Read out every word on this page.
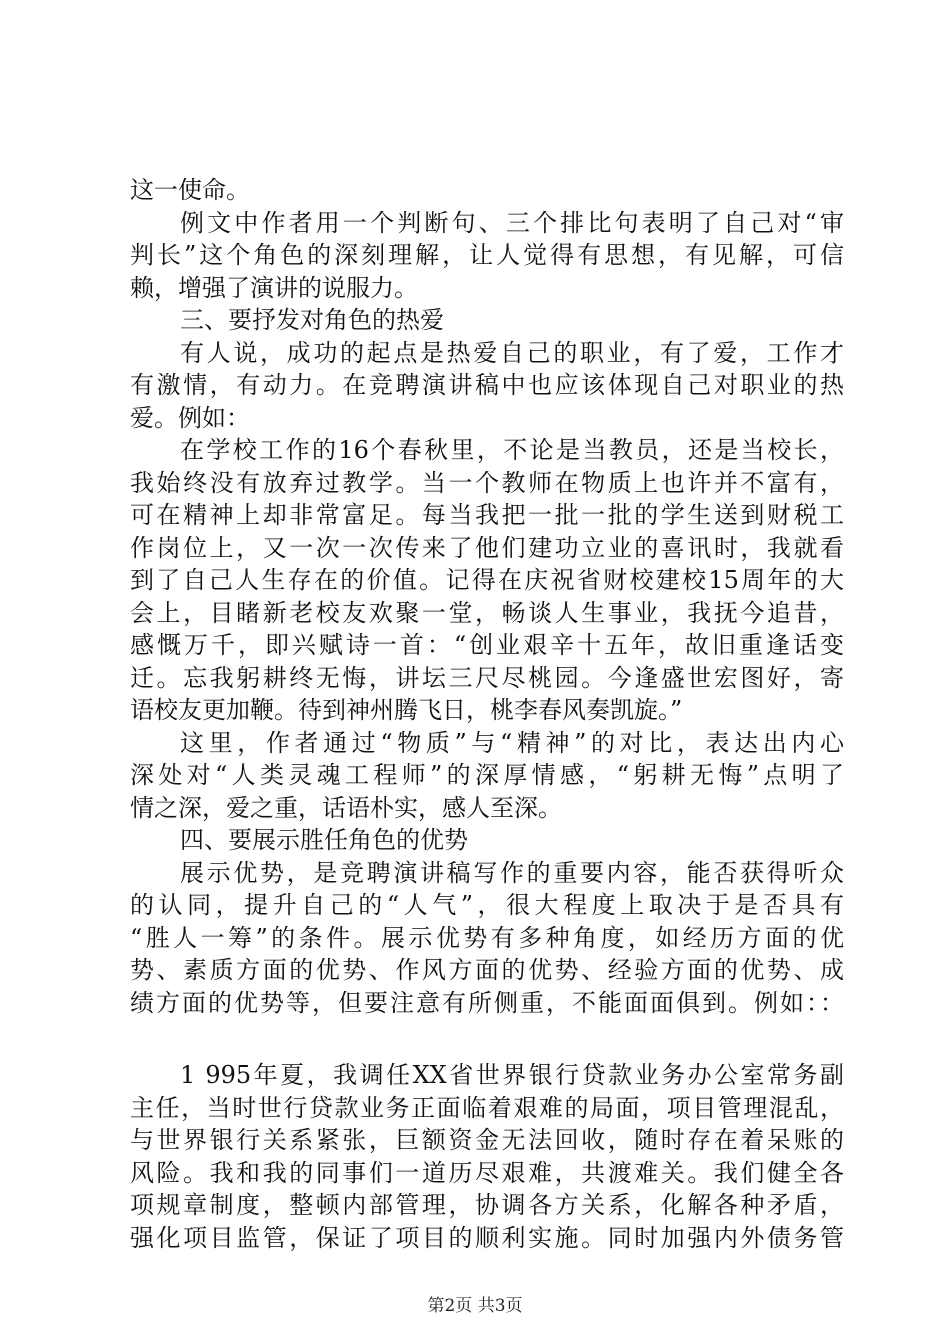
这一使命。
例文中作者用一个判断句、三个排比句表明了自己对“审
判长”这个角色的深刻理解，让人觉得有思想，有见解，可信
赖，增强了演讲的说服力。
三、要抒发对角色的热爱
有人说，成功的起点是热爱自己的职业，有了爱，工作才
有激情，有动力。在竞聘演讲稿中也应该体现自己对职业的热
爱。例如：
在学校工作的16个春秋里，不论是当教员，还是当校长，
我始终没有放弃过教学。当一个教师在物质上也许并不富有，
可在精神上却非常富足。每当我把一批一批的学生送到财税工
作岗位上，又一次一次传来了他们建功立业的喜讯时，我就看
到了自己人生存在的价值。记得在庆祝省财校建校15周年的大
会上，目睹新老校友欢聚一堂，畅谈人生事业，我抚今追昔，
感慨万千，即兴赋诗一首：“创业艰辛十五年，故旧重逢话变
迁。忘我躬耕终无悔，讲坛三尺尽桃园。今逢盛世宏图好，寄
语校友更加鞭。待到神州腾飞日，桃李春风奏凯旋。”
这里，作者通过“物质”与“精神”的对比，表达出内心
深处对“人类灵魂工程师”的深厚情感，“躬耕无悔”点明了
情之深，爱之重，话语朴实，感人至深。
四、要展示胜任角色的优势
展示优势，是竞聘演讲稿写作的重要内容，能否获得听众
的认同，提升自己的“人气”，很大程度上取决于是否具有
“胜人一筹”的条件。展示优势有多种角度，如经历方面的优
势、素质方面的优势、作风方面的优势、经验方面的优势、成
绩方面的优势等，但要注意有所侧重，不能面面俱到。例如：：
1 995年夏，我调任XX省世界银行贷款业务办公室常务副
主任，当时世行贷款业务正面临着艰难的局面，项目管理混乱，
与世界银行关系紧张，巨额资金无法回收，随时存在着呆账的
风险。我和我的同事们一道历尽艰难，共渡难关。我们健全各
项规章制度，整顿内部管理，协调各方关系，化解各种矛盾，
强化项目监管，保证了项目的顺利实施。同时加强内外债务管
第2页 共3页
